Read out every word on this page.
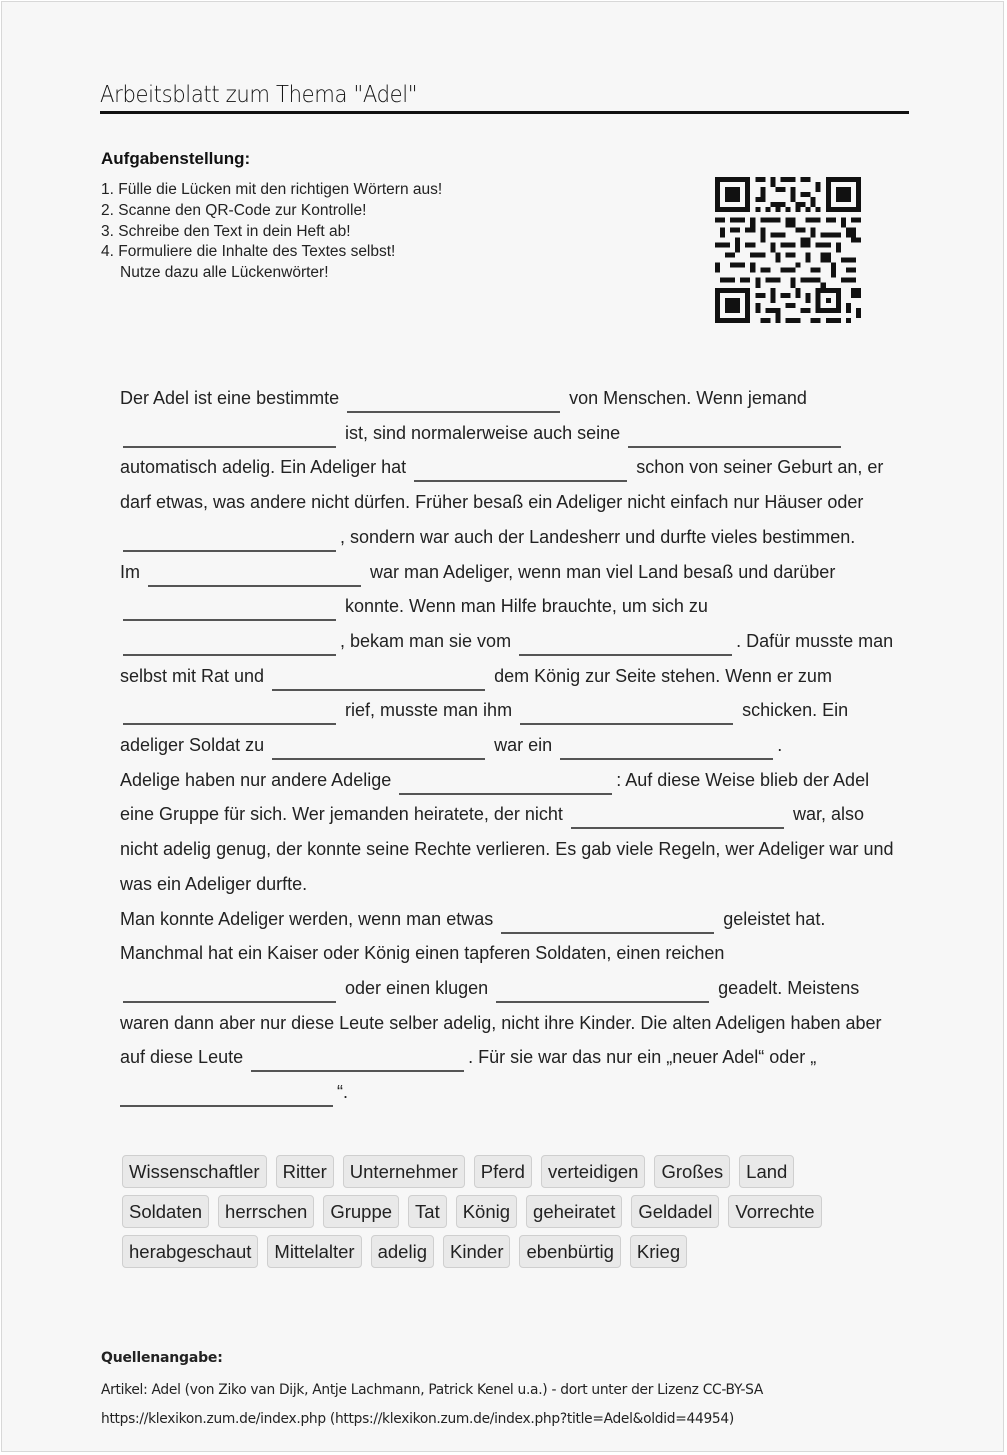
Arbeitsblatt zum Thema "Adel"
Aufgabenstellung:
1. Fülle die Lücken mit den richtigen Wörtern aus!
2. Scanne den QR-Code zur Kontrolle!
3. Schreibe den Text in dein Heft ab!
4. Formuliere die Inhalte des Textes selbst!
Nutze dazu alle Lückenwörter!

Der Adel ist eine bestimmte	von Menschen. Wenn jemand  ist, sind normalerweise auch seine  automatisch adelig. Ein Adeliger hat	schon von seiner Geburt an, er darf etwas, was andere nicht dürfen. Früher besaß ein Adeliger nicht einfach nur Häuser oder , sondern war auch der Landesherr und durfte vieles bestimmen.

Im	war man Adeliger, wenn man viel Land besaß und darüber  konnte. Wenn man Hilfe brauchte, um sich zu , bekam man sie vom	. Dafür musste man selbst mit Rat und	dem König zur Seite stehen. Wenn er zum  rief, musste man ihm	schicken. Ein adeliger Soldat zu	war ein	.

Adelige haben nur andere Adelige	: Auf diese Weise blieb der Adel eine Gruppe für sich. Wer jemanden heiratete, der nicht	war, also nicht adelig genug, der konnte seine Rechte verlieren. Es gab viele Regeln, wer Adeliger war und was ein Adeliger durfte.

Man konnte Adeliger werden, wenn man etwas	geleistet hat. Manchmal hat ein Kaiser oder König einen tapferen Soldaten, einen reichen  oder einen klugen	geadelt. Meistens waren dann aber nur diese Leute selber adelig, nicht ihre Kinder. Die alten Adeligen haben aber auf diese Leute	. Für sie war das nur ein „neuer Adel“ oder „“.

Wissenschaftler	Ritter	Unternehmer	Pferd	verteidigen	Großes	Land
Soldaten	herrschen	Gruppe	Tat	König	geheiratet	Geldadel	Vorrechte
herabgeschaut	Mittelalter	adelig	Kinder	ebenbürtig	Krieg
Quellenangabe:
Artikel: Adel (von Ziko van Dijk, Antje Lachmann, Patrick Kenel u.a.) - dort unter der Lizenz CC-BY-SA
https://klexikon.zum.de/index.php (https://klexikon.zum.de/index.php?title=Adel&oldid=44954)
